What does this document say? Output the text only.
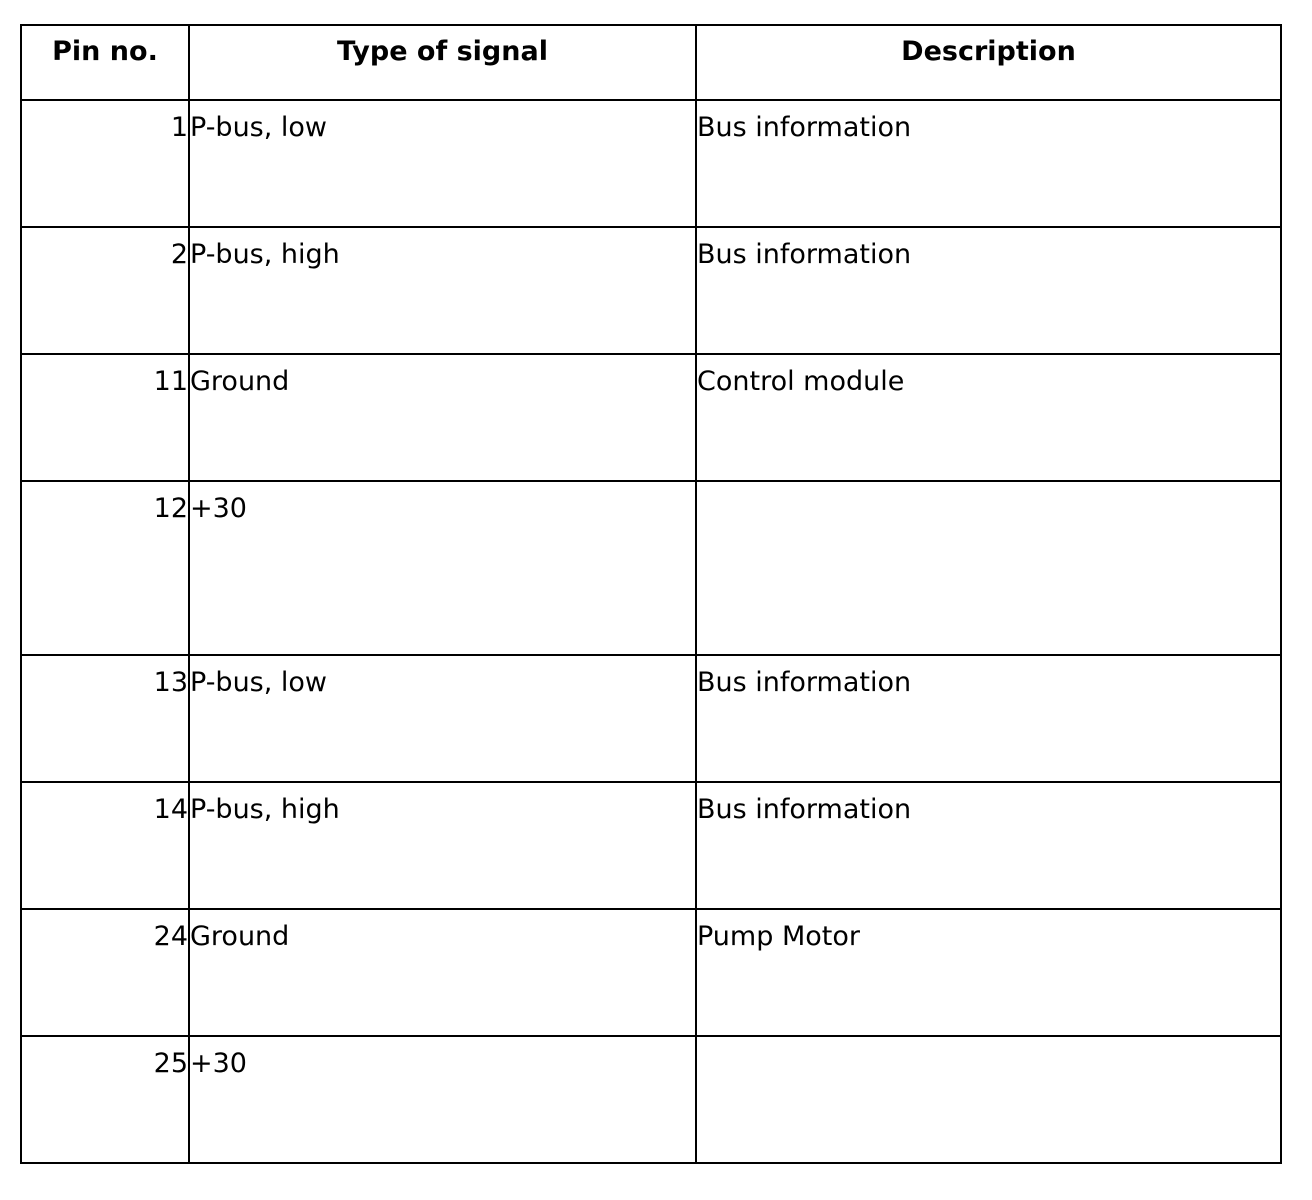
Pin no.	Type of signal	Description
1	P-bus, low	Bus information
2	P-bus, high	Bus information
11	Ground	Control module
12	+30	
13	P-bus, low	Bus information
14	P-bus, high	Bus information
24	Ground	Pump Motor
25	+30	
